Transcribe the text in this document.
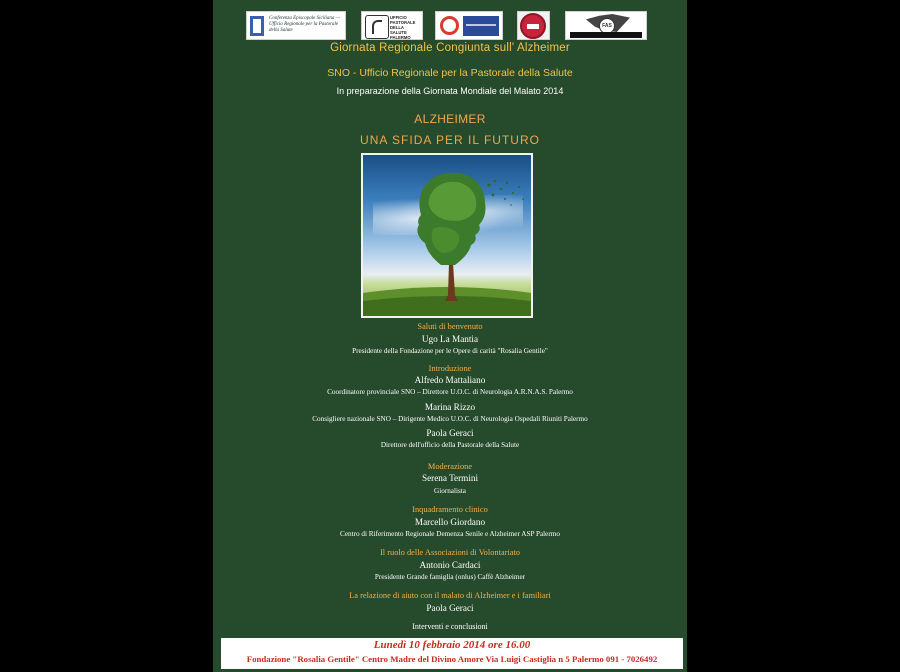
Conferenza Episcopale Siciliana — Ufficio Regionale per la Pastorale della Salute
UFFICIO
PASTORALE
DELLA
SALUTE
PALERMO
FAS
Giornata Regionale Congiunta sull' Alzheimer
SNO - Ufficio Regionale per la Pastorale della Salute
In preparazione della Giornata Mondiale del Malato 2014
ALZHEIMER
UNA SFIDA PER IL FUTURO
Saluti di benvenuto
Ugo La Mantia
Presidente della Fondazione per le Opere di carità "Rosalia Gentile"
Introduzione
Alfredo Mattaliano
Coordinatore provinciale SNO – Direttore U.O.C. di Neurologia A.R.N.A.S. Palermo
Marina Rizzo
Consigliere nazionale SNO – Dirigente Medico U.O.C. di Neurologia Ospedali Riuniti Palermo
Paola Geraci
Direttore dell'ufficio della Pastorale della Salute
Moderazione
Serena Termini
Giornalista
Inquadramento clinico
Marcello Giordano
Centro di Riferimento Regionale Demenza Senile e Alzheimer ASP Palermo
Il ruolo delle Associazioni di Volontariato
Antonio Cardaci
Presidente Grande famiglia (onlus) Caffè Alzheimer
La relazione di aiuto con il malato di Alzheimer e i familiari
Paola Geraci
Interventi e conclusioni
Lunedì 10 febbraio 2014 ore 16.00
Fondazione "Rosalia Gentile" Centro Madre del Divino Amore Via Luigi Castiglia n 5 Palermo 091 - 7026492
